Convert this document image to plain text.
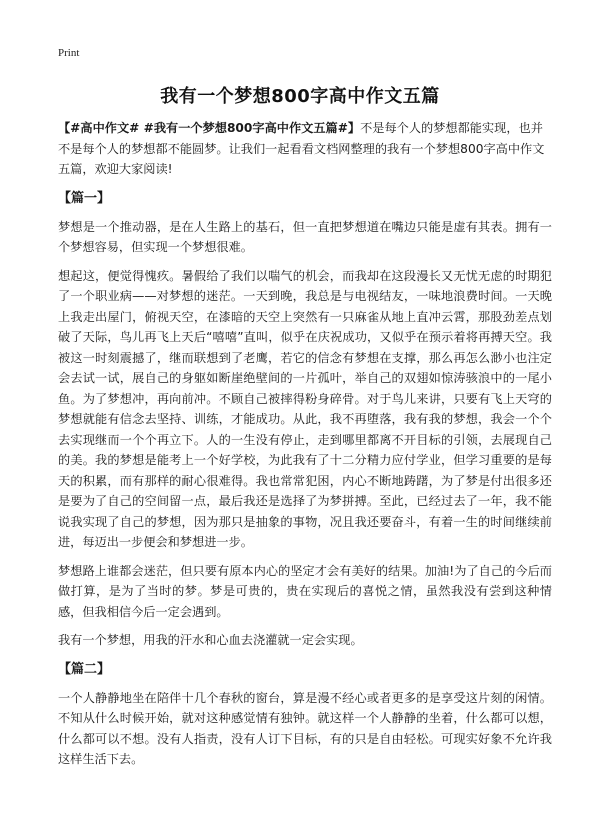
Print
我有一个梦想800字高中作文五篇

【#高中作文# #我有一个梦想800字高中作文五篇#】不是每个人的梦想都能实现，也并不是每个人的梦想都不能圆梦。让我们一起看看文档网整理的我有一个梦想800字高中作文五篇，欢迎大家阅读!

【篇一】

梦想是一个推动器，是在人生路上的基石，但一直把梦想道在嘴边只能是虚有其表。拥有一个梦想容易，但实现一个梦想很难。

想起这，便觉得愧疚。暑假给了我们以喘气的机会，而我却在这段漫长又无忧无虑的时期犯了一个职业病——对梦想的迷茫。一天到晚，我总是与电视结友，一味地浪费时间。一天晚上我走出屋门，俯视天空，在漆暗的天空上突然有一只麻雀从地上直冲云霄，那股劲差点划破了天际，鸟儿再飞上天后“嘻嘻”直叫，似乎在庆祝成功，又似乎在预示着将再搏天空。我被这一时刻震撼了，继而联想到了老鹰，若它的信念有梦想在支撑，那么再怎么渺小也注定会去试一试，展自己的身躯如断崖绝壁间的一片孤叶，举自己的双翅如惊涛骇浪中的一尾小鱼。为了梦想冲，再向前冲。不顾自己被摔得粉身碎骨。对于鸟儿来讲，只要有飞上天穹的梦想就能有信念去坚持、训练，才能成功。从此，我不再堕落，我有我的梦想，我会一个个去实现继而一个个再立下。人的一生没有停止，走到哪里都离不开目标的引领，去展现自己的美。我的梦想是能考上一个好学校，为此我有了十二分精力应付学业，但学习重要的是每天的积累，而有那样的耐心很难得。我也常常犯困，内心不断地踌躇，为了梦是付出很多还是要为了自己的空间留一点，最后我还是选择了为梦拼搏。至此，已经过去了一年，我不能说我实现了自己的梦想，因为那只是抽象的事物，况且我还要奋斗，有着一生的时间继续前进，每迈出一步便会和梦想进一步。

梦想路上谁都会迷茫，但只要有原本内心的坚定才会有美好的结果。加油!为了自己的今后而做打算，是为了当时的梦。梦是可贵的，贵在实现后的喜悦之情，虽然我没有尝到这种情感，但我相信今后一定会遇到。

我有一个梦想，用我的汗水和心血去浇灌就一定会实现。

【篇二】

一个人静静地坐在陪伴十几个春秋的窗台，算是漫不经心或者更多的是享受这片刻的闲情。不知从什么时候开始，就对这种感觉情有独钟。就这样一个人静静的坐着，什么都可以想，什么都可以不想。没有人指责，没有人订下目标，有的只是自由轻松。可现实好象不允许我这样生活下去。
